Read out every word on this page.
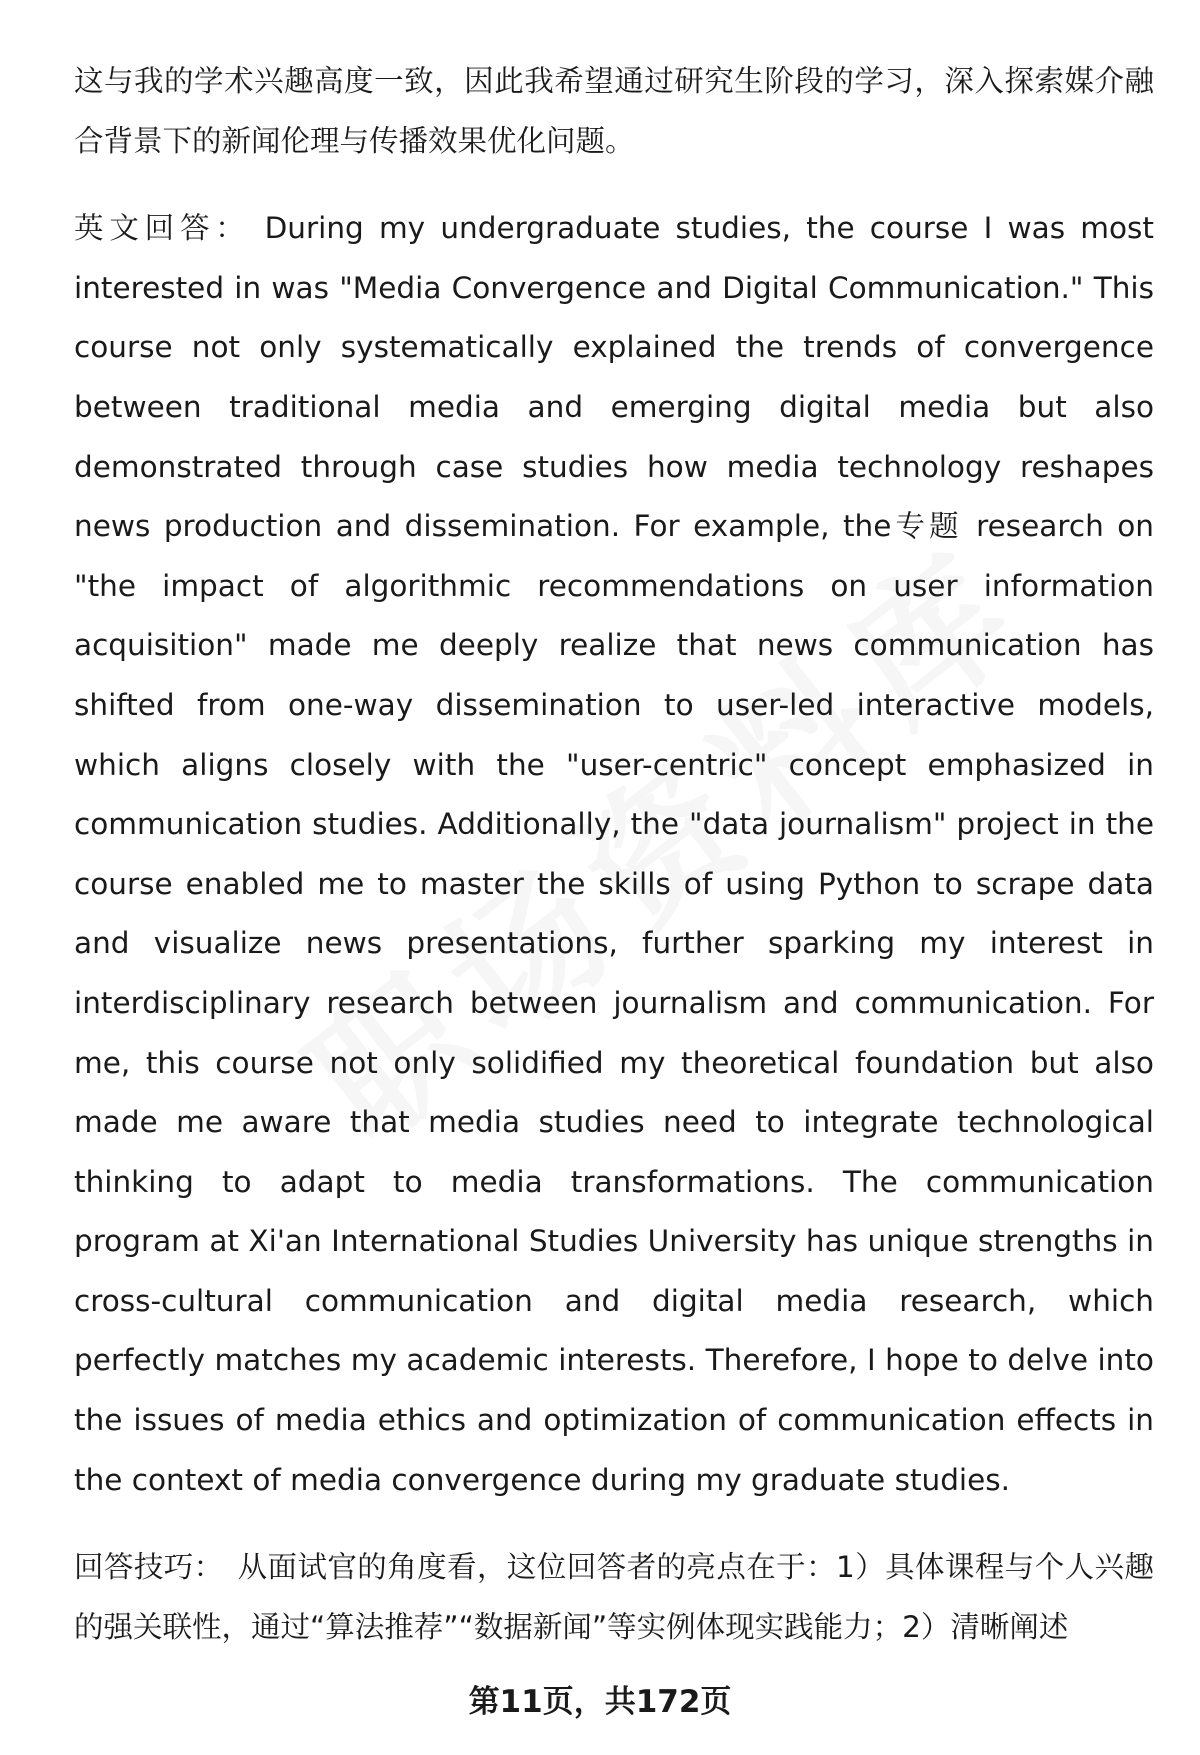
这与我的学术兴趣高度一致，因此我希望通过研究生阶段的学习，深入探索媒介融合背景下的新闻伦理与传播效果优化问题。

英文回答： During my undergraduate studies, the course I was most interested in was "Media Convergence and Digital Communication." This course not only systematically explained the trends of convergence between traditional media and emerging digital media but also demonstrated through case studies how media technology reshapes news production and dissemination. For example, the专题 research on "the impact of algorithmic recommendations on user information acquisition" made me deeply realize that news communication has shifted from one-way dissemination to user-led interactive models, which aligns closely with the "user-centric" concept emphasized in communication studies. Additionally, the "data journalism" project in the course enabled me to master the skills of using Python to scrape data and visualize news presentations, further sparking my interest in interdisciplinary research between journalism and communication. For me, this course not only solidified my theoretical foundation but also made me aware that media studies need to integrate technological thinking to adapt to media transformations. The communication program at Xi'an International Studies University has unique strengths in cross-cultural communication and digital media research, which perfectly matches my academic interests. Therefore, I hope to delve into the issues of media ethics and optimization of communication effects in the context of media convergence during my graduate studies.

回答技巧： 从面试官的角度看，这位回答者的亮点在于：1）具体课程与个人兴趣的强关联性，通过“算法推荐”“数据新闻”等实例体现实践能力；2）清晰阐述

第11页，共172页
